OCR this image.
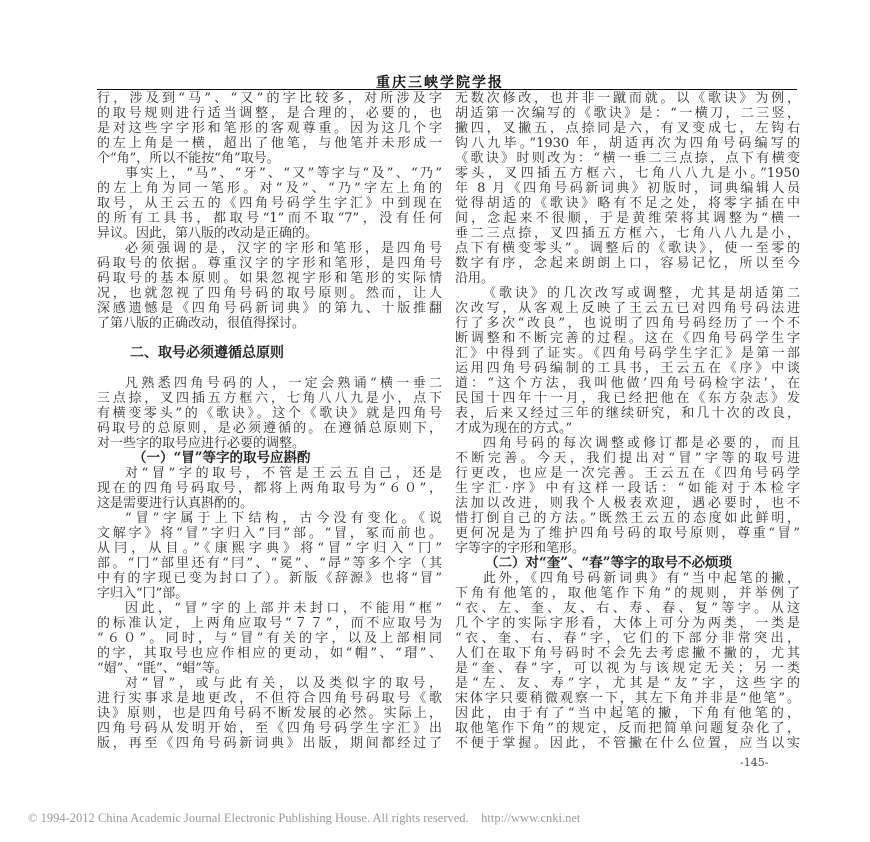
重庆三峡学院学报
行，涉及到“马”、“又”的字比较多，对所涉及字
的取号规则进行适当调整，是合理的，必要的，也
是对这些字字形和笔形的客观尊重。因为这几个字
的左上角是一横，超出了他笔，与他笔并未形成一
个“角”，所以不能按“角”取号。
事实上，“马”、“牙”、“又”等字与“及”、“乃”
的左上角为同一笔形。对“及”、“乃”字左上角的
取号，从王云五的《四角号码学生字汇》中到现在
的所有工具书，都取号“1”而不取“7”，没有任何
异议。因此，第八版的改动是正确的。
必须强调的是，汉字的字形和笔形，是四角号
码取号的依据。尊重汉字的字形和笔形，是四角号
码取号的基本原则。如果忽视字形和笔形的实际情
况，也就忽视了四角号码的取号原则。然而，让人
深感遗憾是《四角号码新词典》的第九、十版推翻
了第八版的正确改动，很值得探讨。
二、取号必须遵循总原则
凡熟悉四角号码的人，一定会熟诵“横一垂二
三点捺，叉四插五方框六，七角八八九是小，点下
有横变零头”的《歌诀》。这个《歌诀》就是四角号
码取号的总原则，是必须遵循的。在遵循总原则下，
对一些字的取号应进行必要的调整。
（一）“冒”等字的取号应斟酌
对“冒”字的取号，不管是王云五自己，还是
现在的四角号码取号，都将上两角取号为“６０”，
这是需要进行认真斟酌的。
“冒”字属于上下结构，古今没有变化。《说
文解字》将“冒”字归入“冃”部。“冒，冢而前也。
从冃，从目。”《康熙字典》将“冒”字归入“冂”
部。“冂”部里还有“冃”、“冕”、“冔”等多个字（其
中有的字现已变为封口了）。新版《辞源》也将“冒”
字归入“冂”部。
因此，“冒”字的上部并未封口，不能用“框”
的标准认定，上两角应取号“７７”，而不应取号为
“６０”。同时，与“冒”有关的字，以及上部相同
的字，其取号也应作相应的更动，如“帽”、“瑁”、
“媢”、“毷”、“蝐”等。
对“冒”，或与此有关，以及类似字的取号，
进行实事求是地更改，不但符合四角号码取号《歌
诀》原则，也是四角号码不断发展的必然。实际上，
四角号码从发明开始，至《四角号码学生字汇》出
版，再至《四角号码新词典》出版，期间都经过了
无数次修改，也并非一蹴而就。以《歌诀》为例，
胡适第一次编写的《歌诀》是：“一横刀，二三竖，
撇四，叉撇五，点捺同是六，有叉变成七，左钩右
钩八九毕。”1930 年，胡适再次为四角号码编写的
《歌诀》时则改为：“横一垂二三点捺，点下有横变
零头，叉四插五方框六，七角八八九是小。”1950
年 8 月《四角号码新词典》初版时，词典编辑人员
觉得胡适的《歌诀》略有不足之处，将零字插在中
间，念起来不很顺，于是黄维荣将其调整为“横一
垂二三点捺，叉四插五方框六，七角八八九是小，
点下有横变零头”。调整后的《歌诀》，使一至零的
数字有序，念起来朗朗上口，容易记忆，所以至今
沿用。
《歌诀》的几次改写或调整，尤其是胡适第二
次改写，从客观上反映了王云五已对四角号码法进
行了多次“改良”，也说明了四角号码经历了一个不
断调整和不断完善的过程。这在《四角号码学生字
汇》中得到了证实。《四角号码学生字汇》是第一部
运用四角号码编制的工具书，王云五在《序》中谈
道：“这个方法，我叫他做‘四角号码检字法’，在
民国十四年十一月，我已经把他在《东方杂志》发
表，后来又经过三年的继续研究，和几十次的改良，
才成为现在的方式。”
四角号码的每次调整或修订都是必要的，而且
不断完善。今天，我们提出对“冒”字等的取号进
行更改，也应是一次完善。王云五在《四角号码学
生字汇·序》中有这样一段话：“如能对于本检字
法加以改进，则我个人极表欢迎，遇必要时，也不
惜打倒自己的方法。”既然王云五的态度如此鲜明，
更何况是为了维护四角号码的取号原则，尊重“冒”
字等字的字形和笔形。
（二）对“奎”、“春”等字的取号不必烦琐
此外，《四角号码新词典》有“当中起笔的撇，
下角有他笔的，取他笔作下角”的规则，并举例了
“衣、左、奎、友、右、寿、春、复”等字。从这
几个字的实际字形看，大体上可分为两类，一类是
“衣、奎、右、春”字，它们的下部分非常突出，
人们在取下角号码时不会先去考虑撇不撇的，尤其
是“奎、春”字，可以视为与该规定无关；另一类
是“左、友、寿”字，尤其是“友”字，这些字的
宋体字只要稍微观察一下，其左下角并非是“他笔”。
因此，由于有了“当中起笔的撇，下角有他笔的，
取他笔作下角”的规定，反而把简单问题复杂化了，
不便于掌握。因此，不管撇在什么位置，应当以实
-145-
© 1994-2012 China Academic Journal Electronic Publishing House. All rights reserved.    http://www.cnki.net
